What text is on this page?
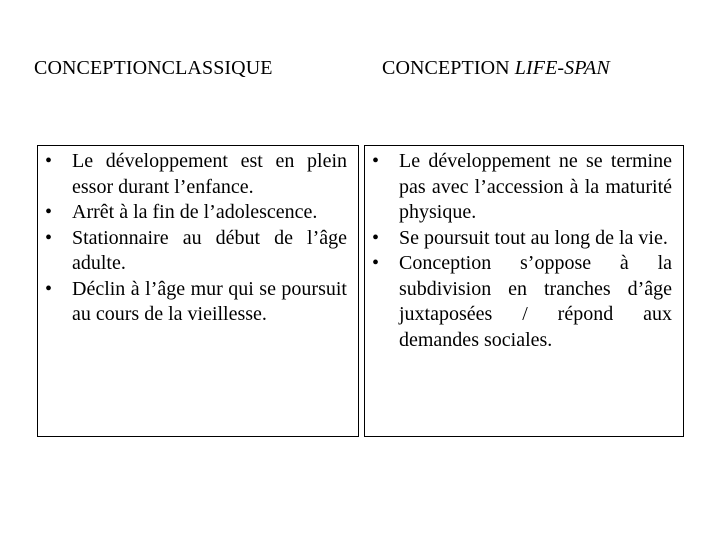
CONCEPTIONCLASSIQUE	CONCEPTION LIFE-SPAN
• Le développement est en plein essor durant l’enfance.
• Arrêt à la fin de l’adolescence.
• Stationnaire au début de l’âge adulte.
• Déclin à l’âge mur qui se poursuit au cours de la vieillesse.
• Le développement ne se termine pas avec l’accession à la maturité physique.
• Se poursuit tout au long de la vie.
• Conception s’oppose à la subdivision en tranches d’âge juxtaposées / répond aux demandes sociales.
